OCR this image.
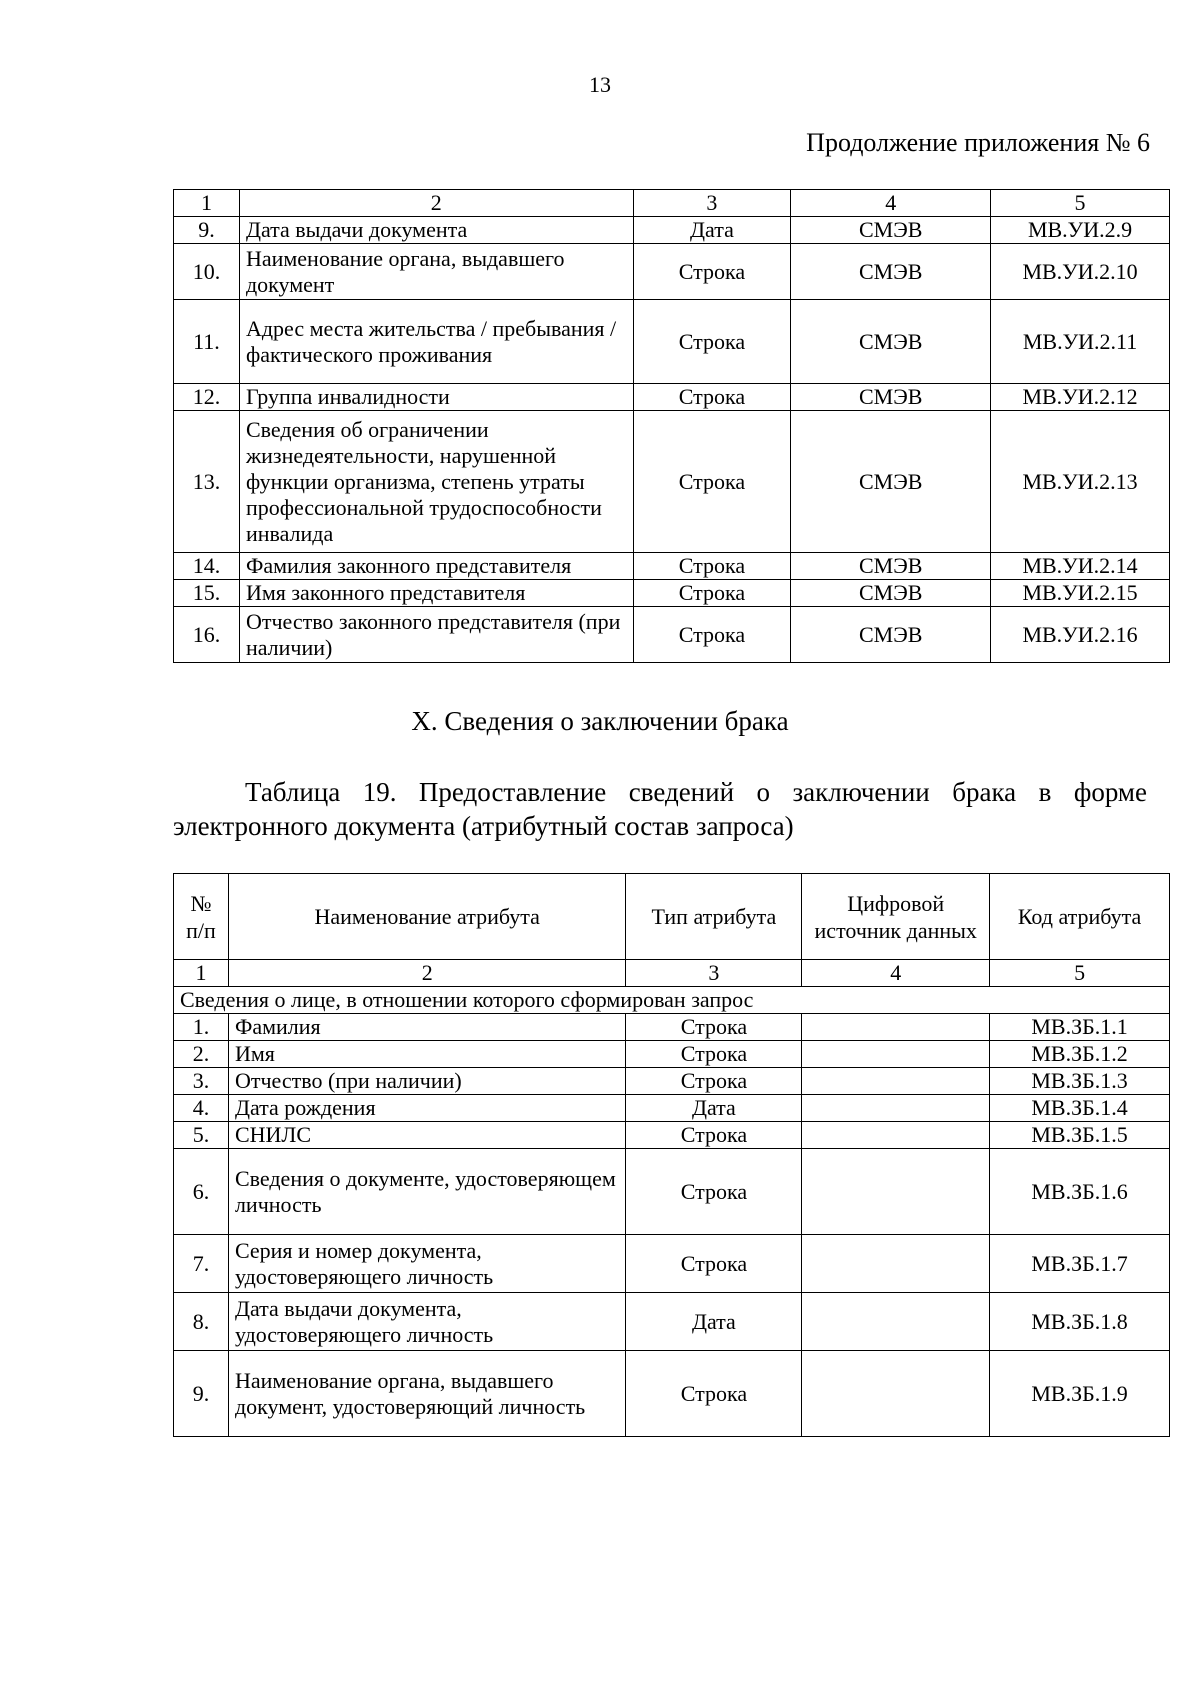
13
Продолжение приложения № 6
1	2	3	4	5
9.	Дата выдачи документа	Дата	СМЭВ	МВ.УИ.2.9
10.	Наименование органа, выдавшего документ	Строка	СМЭВ	МВ.УИ.2.10
11.	Адрес места жительства / пребывания / фактического проживания	Строка	СМЭВ	МВ.УИ.2.11
12.	Группа инвалидности	Строка	СМЭВ	МВ.УИ.2.12
13.	Сведения об ограничении жизнедеятельности, нарушенной функции организма, степень утраты профессиональной трудоспособности инвалида	Строка	СМЭВ	МВ.УИ.2.13
14.	Фамилия законного представителя	Строка	СМЭВ	МВ.УИ.2.14
15.	Имя законного представителя	Строка	СМЭВ	МВ.УИ.2.15
16.	Отчество законного представителя (при наличии)	Строка	СМЭВ	МВ.УИ.2.16
X. Сведения о заключении брака
Таблица 19. Предоставление сведений о заключении брака в форме электронного документа (атрибутный состав запроса)
№ п/п	Наименование атрибута	Тип атрибута	Цифровой источник данных	Код атрибута
1	2	3	4	5
Сведения о лице, в отношении которого сформирован запрос				
1.	Фамилия	Строка		МВ.ЗБ.1.1
2.	Имя	Строка		МВ.ЗБ.1.2
3.	Отчество (при наличии)	Строка		МВ.ЗБ.1.3
4.	Дата рождения	Дата		МВ.ЗБ.1.4
5.	СНИЛС	Строка		МВ.ЗБ.1.5
6.	Сведения о документе, удостоверяющем личность	Строка		МВ.ЗБ.1.6
7.	Серия и номер документа, удостоверяющего личность	Строка		МВ.ЗБ.1.7
8.	Дата выдачи документа, удостоверяющего личность	Дата		МВ.ЗБ.1.8
9.	Наименование органа, выдавшего документ, удостоверяющий личность	Строка		МВ.ЗБ.1.9
